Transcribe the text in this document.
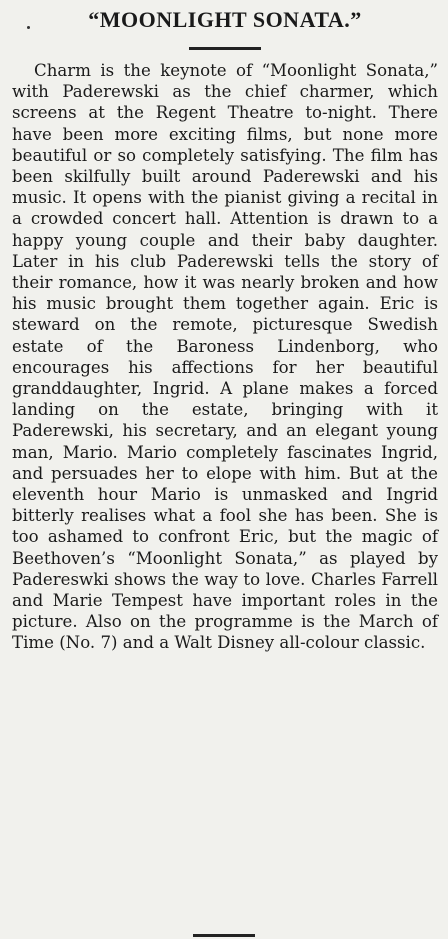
“MOONLIGHT SONATA.”

Charm is the keynote of “Moonlight Sonata,” with Paderewski as the chief charmer, which screens at the Regent Theatre to-night. There have been more exciting films, but none more beautiful or so completely satisfying. The film has been skilfully built around Paderewski and his music. It opens with the pianist giving a recital in a crowded concert hall. Attention is drawn to a happy young couple and their baby daughter. Later in his club Paderewski tells the story of their romance, how it was nearly broken and how his music brought them together again. Eric is steward on the remote, picturesque Swedish estate of the Baroness Lindenborg, who encourages his affections for her beautiful granddaughter, Ingrid. A plane makes a forced landing on the estate, bringing with it Paderewski, his secretary, and an elegant young man, Mario. Mario completely fascinates Ingrid, and persuades her to elope with him. But at the eleventh hour Mario is unmasked and Ingrid bitterly realises what a fool she has been. She is too ashamed to confront Eric, but the magic of Beethoven’s “Moonlight Sonata,” as played by Padereswki shows the way to love. Charles Farrell and Marie Tempest have important roles in the picture. Also on the programme is the March of Time (No. 7) and a Walt Disney all-colour classic.
